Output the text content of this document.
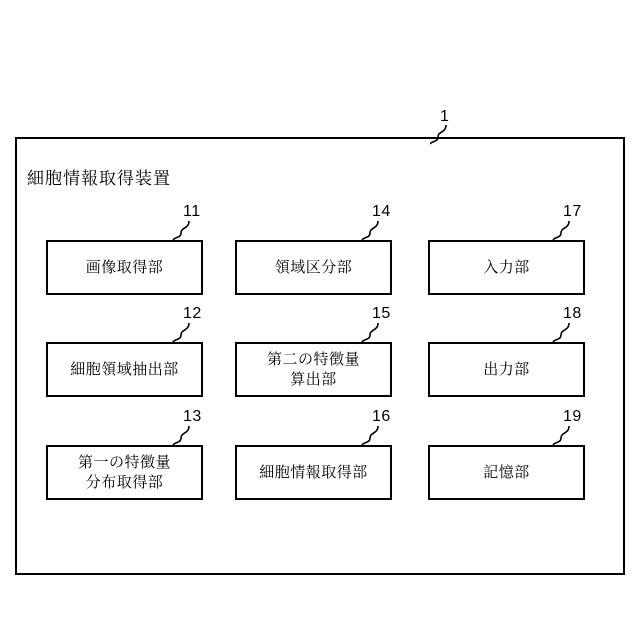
1
細胞情報取得装置
11
画像取得部
14
領域区分部
17
入力部
12
細胞領域抽出部
15
第二の特徴量
算出部
18
出力部
13
第一の特徴量
分布取得部
16
細胞情報取得部
19
記憶部
